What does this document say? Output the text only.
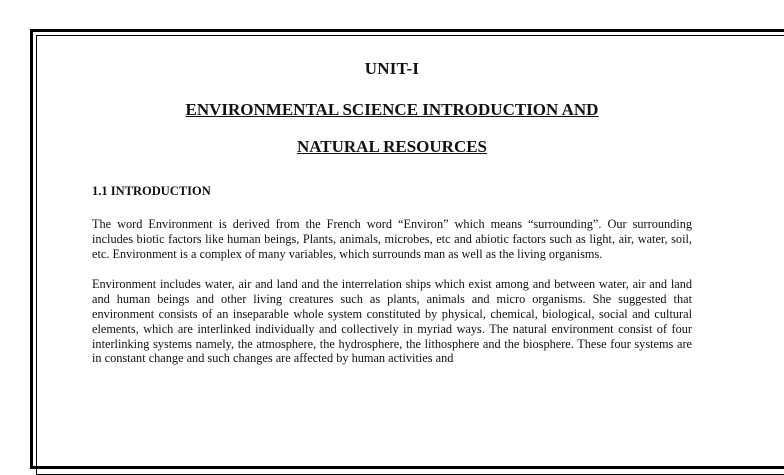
UNIT-I
ENVIRONMENTAL SCIENCE INTRODUCTION AND
NATURAL RESOURCES
1.1 INTRODUCTION

The word Environment is derived from the French word “Environ” which means “surrounding”. Our surrounding includes biotic factors like human beings, Plants, animals, microbes, etc and abiotic factors such as light, air, water, soil, etc. Environment is a complex of many variables, which surrounds man as well as the living organisms.

Environment includes water, air and land and the interrelation ships which exist among and between water, air and land and human beings and other living creatures such as plants, animals and micro organisms. She suggested that environment consists of an inseparable whole system constituted by physical, chemical, biological, social and cultural elements, which are interlinked individually and collectively in myriad ways. The natural environment consist of four interlinking systems namely, the atmosphere, the hydrosphere, the lithosphere and the biosphere. These four systems are in constant change and such changes are affected by human activities and
